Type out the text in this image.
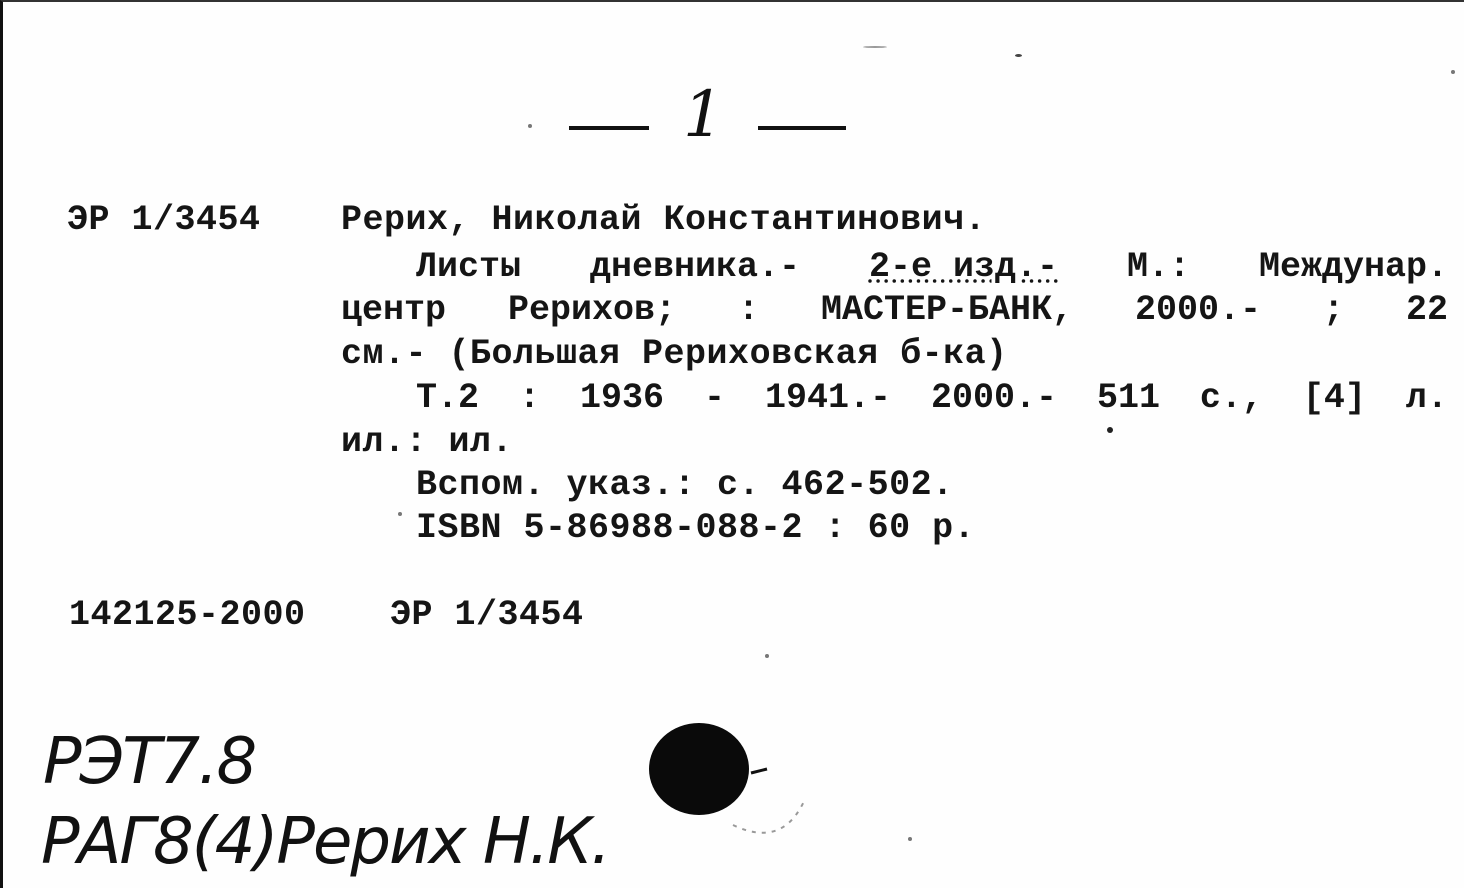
1
ЭР 1/3454 Рерих, Николай Константинович.
Листы дневника.- 2-е изд.- М.: Междунар.
центр Рерихов; : МАСТЕР-БАНК, 2000.- ; 22
см.- (Большая Рериховская б-ка)
Т.2 : 1936 - 1941.- 2000.- 511 с., [4] л.
ил.: ил.
Вспом. указ.: с. 462-502.
ISBN 5-86988-088-2 : 60 р.
142125-2000 ЭР 1/3454
РЭТ7.8
РАГ8(4)Рерих Н.К.
